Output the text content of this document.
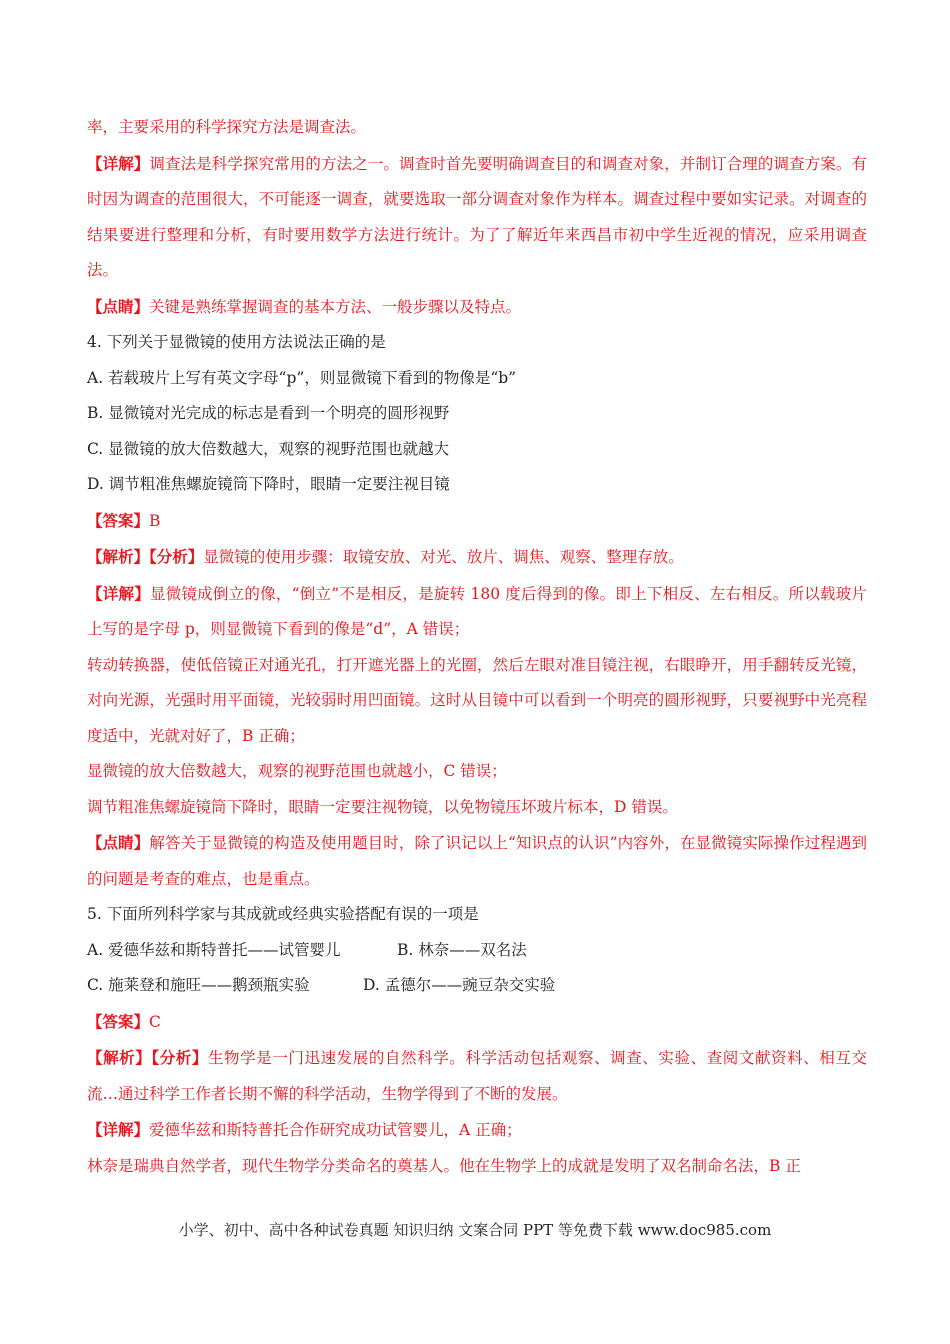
率，主要采用的科学探究方法是调查法。

【详解】调查法是科学探究常用的方法之一。调查时首先要明确调查目的和调查对象，并制订合理的调查方案。有时因为调查的范围很大，不可能逐一调查，就要选取一部分调查对象作为样本。调查过程中要如实记录。对调查的结果要进行整理和分析，有时要用数学方法进行统计。为了了解近年来西昌市初中学生近视的情况，应采用调查法。

【点睛】关键是熟练掌握调查的基本方法、一般步骤以及特点。

4. 下列关于显微镜的使用方法说法正确的是

A. 若载玻片上写有英文字母“p”，则显微镜下看到的物像是“b”

B. 显微镜对光完成的标志是看到一个明亮的圆形视野

C. 显微镜的放大倍数越大，观察的视野范围也就越大

D. 调节粗准焦螺旋镜筒下降时，眼睛一定要注视目镜

【答案】B

【解析】【分析】显微镜的使用步骤：取镜安放、对光、放片、调焦、观察、整理存放。

【详解】显微镜成倒立的像，“倒立”不是相反，是旋转 180 度后得到的像。即上下相反、左右相反。所以载玻片上写的是字母 p，则显微镜下看到的像是“d”，A 错误；

转动转换器，使低倍镜正对通光孔，打开遮光器上的光圈，然后左眼对准目镜注视，右眼睁开，用手翻转反光镜，对向光源，光强时用平面镜，光较弱时用凹面镜。这时从目镜中可以看到一个明亮的圆形视野，只要视野中光亮程度适中，光就对好了，B 正确；

显微镜的放大倍数越大，观察的视野范围也就越小，C 错误；

调节粗准焦螺旋镜筒下降时，眼睛一定要注视物镜，以免物镜压坏玻片标本，D 错误。

【点睛】解答关于显微镜的构造及使用题目时，除了识记以上“知识点的认识”内容外，在显微镜实际操作过程遇到的问题是考查的难点，也是重点。

5. 下面所列科学家与其成就或经典实验搭配有误的一项是

A. 爱德华兹和斯特普托——试管婴儿	B. 林奈——双名法
C. 施莱登和施旺——鹅颈瓶实验	D. 孟德尔——豌豆杂交实验

【答案】C

【解析】【分析】生物学是一门迅速发展的自然科学。科学活动包括观察、调查、实验、查阅文献资料、相互交流…通过科学工作者长期不懈的科学活动，生物学得到了不断的发展。

【详解】爱德华兹和斯特普托合作研究成功试管婴儿，A 正确；

林奈是瑞典自然学者，现代生物学分类命名的奠基人。他在生物学上的成就是发明了双名制命名法，B 正

小学、初中、高中各种试卷真题 知识归纳 文案合同 PPT 等免费下载 www.doc985.com
